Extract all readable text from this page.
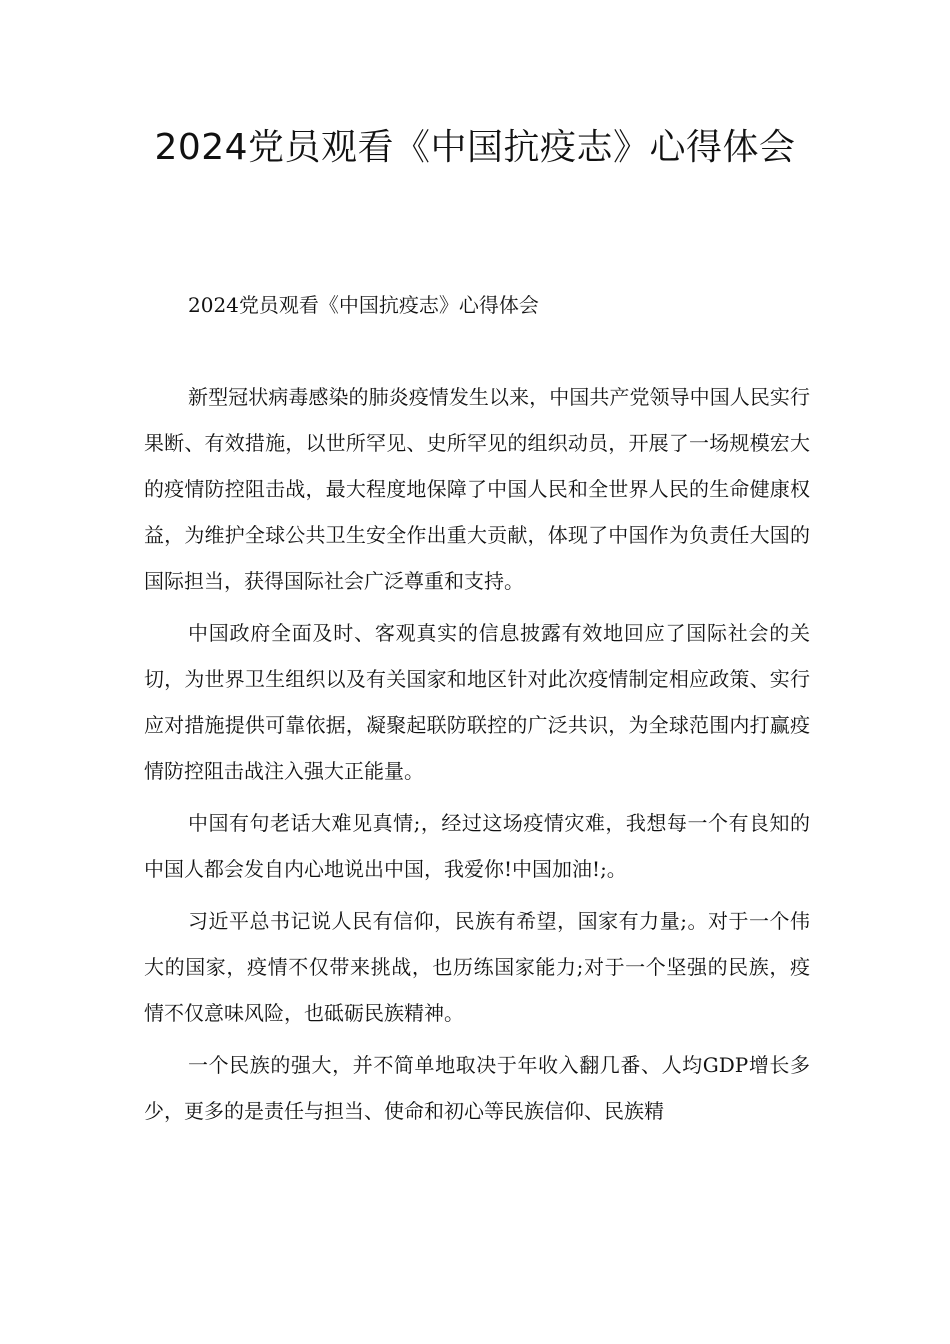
2024党员观看《中国抗疫志》心得体会

2024党员观看《中国抗疫志》心得体会

新型冠状病毒感染的肺炎疫情发生以来，中国共产党领导中国人民实行果断、有效措施，以世所罕见、史所罕见的组织动员，开展了一场规模宏大的疫情防控阻击战，最大程度地保障了中国人民和全世界人民的生命健康权益，为维护全球公共卫生安全作出重大贡献，体现了中国作为负责任大国的国际担当，获得国际社会广泛尊重和支持。

中国政府全面及时、客观真实的信息披露有效地回应了国际社会的关切，为世界卫生组织以及有关国家和地区针对此次疫情制定相应政策、实行应对措施提供可靠依据，凝聚起联防联控的广泛共识，为全球范围内打赢疫情防控阻击战注入强大正能量。

中国有句老话大难见真情;，经过这场疫情灾难，我想每一个有良知的中国人都会发自内心地说出中国，我爱你!中国加油!;。

习近平总书记说人民有信仰，民族有希望，国家有力量;。对于一个伟大的国家，疫情不仅带来挑战，也历练国家能力;对于一个坚强的民族，疫情不仅意味风险，也砥砺民族精神。

一个民族的强大，并不简单地取决于年收入翻几番、人均GDP增长多少，更多的是责任与担当、使命和初心等民族信仰、民族精
